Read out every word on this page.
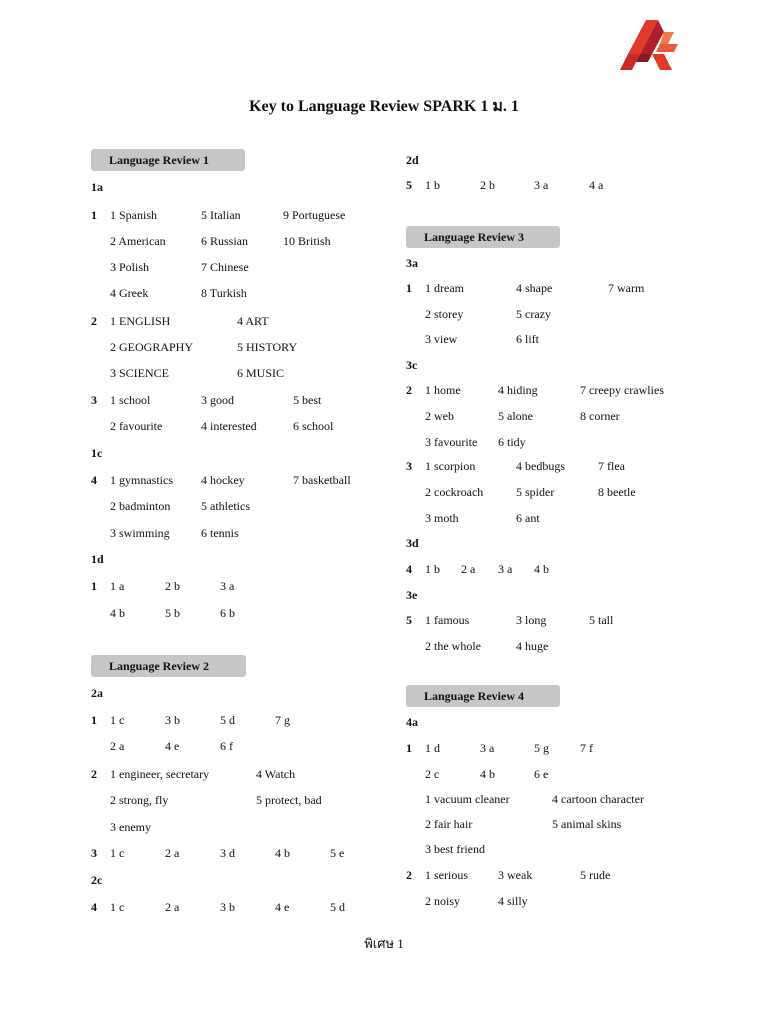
Key to Language Review SPARK 1 ม. 1
Language Review 1
1a
1 1 Spanish	5 Italian	9 Portuguese
2 American	6 Russian	10 British
3 Polish	7 Chinese
4 Greek	8 Turkish
2 1 ENGLISH	4 ART
2 GEOGRAPHY	5 HISTORY
3 SCIENCE	6 MUSIC
3 1 school	3 good	5 best
2 favourite	4 interested	6 school
1c
4 1 gymnastics 4 hockey	7 basketball
2 badminton	5 athletics
3 swimming	6 tennis
1d
1 1 a	2 b	3 a
4 b	5 b	6 b
Language Review 2
2a
1 1 c	3 b	5 d	7 g
2 a	4 e	6 f
2 1 engineer, secretary	4 Watch
2 strong, fly	5 protect, bad
3 enemy
3 1 c	2 a	3 d	4 b	5 e
2c
4 1 c	2 a	3 b	4 e	5 d
2d
5 1 b	2 b	3 a	4 a
Language Review 3
3a
1 1 dream	4 shape	7 warm
2 storey	5 crazy
3 view	6 lift
3c
2 1 home	4 hiding	7 creepy crawlies
2 web	5 alone	8 corner
3 favourite 6 tidy
3 1 scorpion	4 bedbugs	7 flea
2 cockroach	5 spider	8 beetle
3 moth	6 ant
3d
4 1 b 2 a 3 a 4 b
3e
5 1 famous	3 long	5 tall
2 the whole	4 huge
Language Review 4
4a
1 1 d	3 a	5 g	7 f
2 c	4 b	6 e
1 vacuum cleaner	4 cartoon character
2 fair hair	5 animal skins
3 best friend
2 1 serious	3 weak	5 rude
2 noisy	4 silly
พิเศษ 1
